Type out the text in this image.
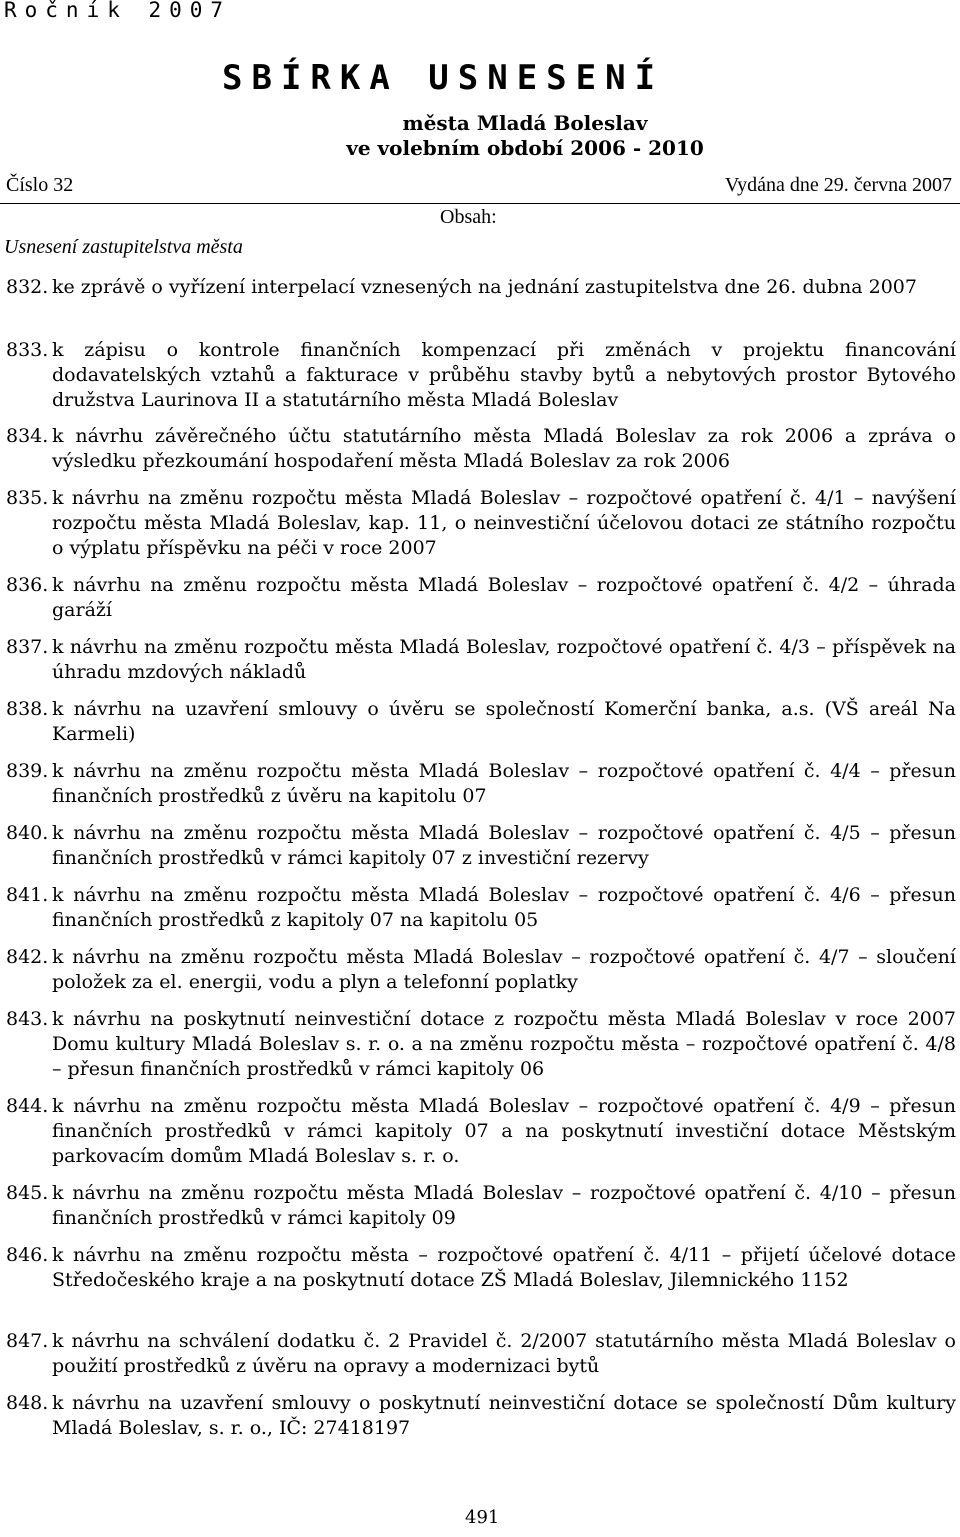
Ročník 2007
SBÍRKA USNESENÍ
města Mladá Boleslav
ve volebním období 2006 - 2010
Číslo 32	Vydána dne 29. června 2007
Obsah:
Usnesení zastupitelstva města
832. ke zprávě o vyřízení interpelací vznesených na jednání zastupitelstva dne 26. dubna 2007
833. k zápisu o kontrole finančních kompenzací při změnách v projektu financování dodavatelských vztahů a fakturace v průběhu stavby bytů a nebytových prostor Bytového družstva Laurinova II a statutárního města Mladá Boleslav
834. k návrhu závěrečného účtu statutárního města Mladá Boleslav za rok 2006 a zpráva o výsledku přezkoumání hospodaření města Mladá Boleslav za rok 2006
835. k návrhu na změnu rozpočtu města Mladá Boleslav – rozpočtové opatření č. 4/1 – navýšení rozpočtu města Mladá Boleslav, kap. 11, o neinvestiční účelovou dotaci ze státního rozpočtu o výplatu příspěvku na péči v roce 2007
836. k návrhu na změnu rozpočtu města Mladá Boleslav – rozpočtové opatření č. 4/2 – úhrada garáží
837. k návrhu na změnu rozpočtu města Mladá Boleslav, rozpočtové opatření č. 4/3 – příspěvek na úhradu mzdových nákladů
838. k návrhu na uzavření smlouvy o úvěru se společností Komerční banka, a.s. (VŠ areál Na Karmeli)
839. k návrhu na změnu rozpočtu města Mladá Boleslav – rozpočtové opatření č. 4/4 – přesun finančních prostředků z úvěru na kapitolu 07
840. k návrhu na změnu rozpočtu města Mladá Boleslav – rozpočtové opatření č. 4/5 – přesun finančních prostředků v rámci kapitoly 07 z investiční rezervy
841. k návrhu na změnu rozpočtu města Mladá Boleslav – rozpočtové opatření č. 4/6 – přesun finančních prostředků z kapitoly 07 na kapitolu 05
842. k návrhu na změnu rozpočtu města Mladá Boleslav – rozpočtové opatření č. 4/7 – sloučení položek za el. energii, vodu a plyn a telefonní poplatky
843. k návrhu na poskytnutí neinvestiční dotace z rozpočtu města Mladá Boleslav v roce 2007 Domu kultury Mladá Boleslav s. r. o. a na změnu rozpočtu města – rozpočtové opatření č. 4/8 – přesun finančních prostředků v rámci kapitoly 06
844. k návrhu na změnu rozpočtu města Mladá Boleslav – rozpočtové opatření č. 4/9 – přesun finančních prostředků v rámci kapitoly 07 a na poskytnutí investiční dotace Městským parkovacím domům Mladá Boleslav s. r. o.
845. k návrhu na změnu rozpočtu města Mladá Boleslav – rozpočtové opatření č. 4/10 – přesun finančních prostředků v rámci kapitoly 09
846. k návrhu na změnu rozpočtu města – rozpočtové opatření č. 4/11 – přijetí účelové dotace Středočeského kraje a na poskytnutí dotace ZŠ Mladá Boleslav, Jilemnického 1152
847. k návrhu na schválení dodatku č. 2 Pravidel č. 2/2007 statutárního města Mladá Boleslav o použití prostředků z úvěru na opravy a modernizaci bytů
848. k návrhu na uzavření smlouvy o poskytnutí neinvestiční dotace se společností Dům kultury Mladá Boleslav, s. r. o., IČ: 27418197
491
